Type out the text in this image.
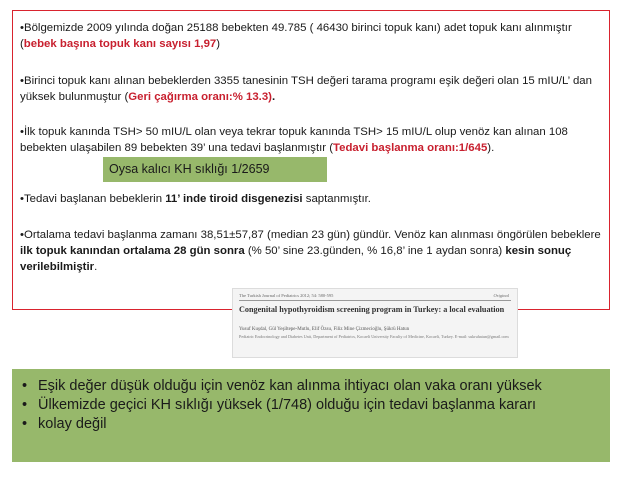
•Bölgemizde 2009 yılında doğan 25188 bebekten 49.785 ( 46430 birinci topuk kanı) adet topuk kanı alınmıştır (bebek başına topuk kanı sayısı 1,97)

•Birinci topuk kanı alınan bebeklerden 3355 tanesinin TSH değeri tarama programı eşik değeri olan 15 mIU/L’ dan yüksek bulunmuştur (Geri çağırma oranı:% 13.3).

•İlk topuk kanında TSH> 50 mIU/L olan veya tekrar topuk kanında TSH> 15 mIU/L olup venöz kan alınan 108 bebekten ulaşabilen 89 bebekten 39’ una tedavi başlanmıştır (Tedavi başlanma oranı:1/645).

Oysa kalıcı KH sıklığı 1/2659

•Tedavi başlanan bebeklerin 11’ inde tiroid disgenezisi saptanmıştır.

•Ortalama tedavi başlanma zamanı 38,51±57,87 (median 23 gün) gündür. Venöz kan alınması öngörülen bebeklere ilk topuk kanından ortalama 28 gün sonra (% 50’ sine 23.günden, % 16,8’ ine 1 aydan sonra) kesin sonuç verilebilmiştir.

The Turkish Journal of Pediatrics 2012; 54: 580-595	Original
Congenital hypothyroidism screening program in Turkey: a local evaluation
Yusuf Kuşdal, Gül Yeşiltepe-Mutlu, Elif Özsu, Filiz Mine Çizmecioğlu, Şükrü Hatun
Pediatric Endocrinology and Diabetes Unit, Department of Pediatrics, Kocaeli University Faculty of Medicine, Kocaeli, Turkey. E-mail: sukruhatun@gmail.com
• Eşik değer düşük olduğu için venöz kan alınma ihtiyacı olan vaka oranı yüksek
• Ülkemizde geçici KH sıklığı yüksek (1/748) olduğu için tedavi başlanma kararı
• kolay değil
